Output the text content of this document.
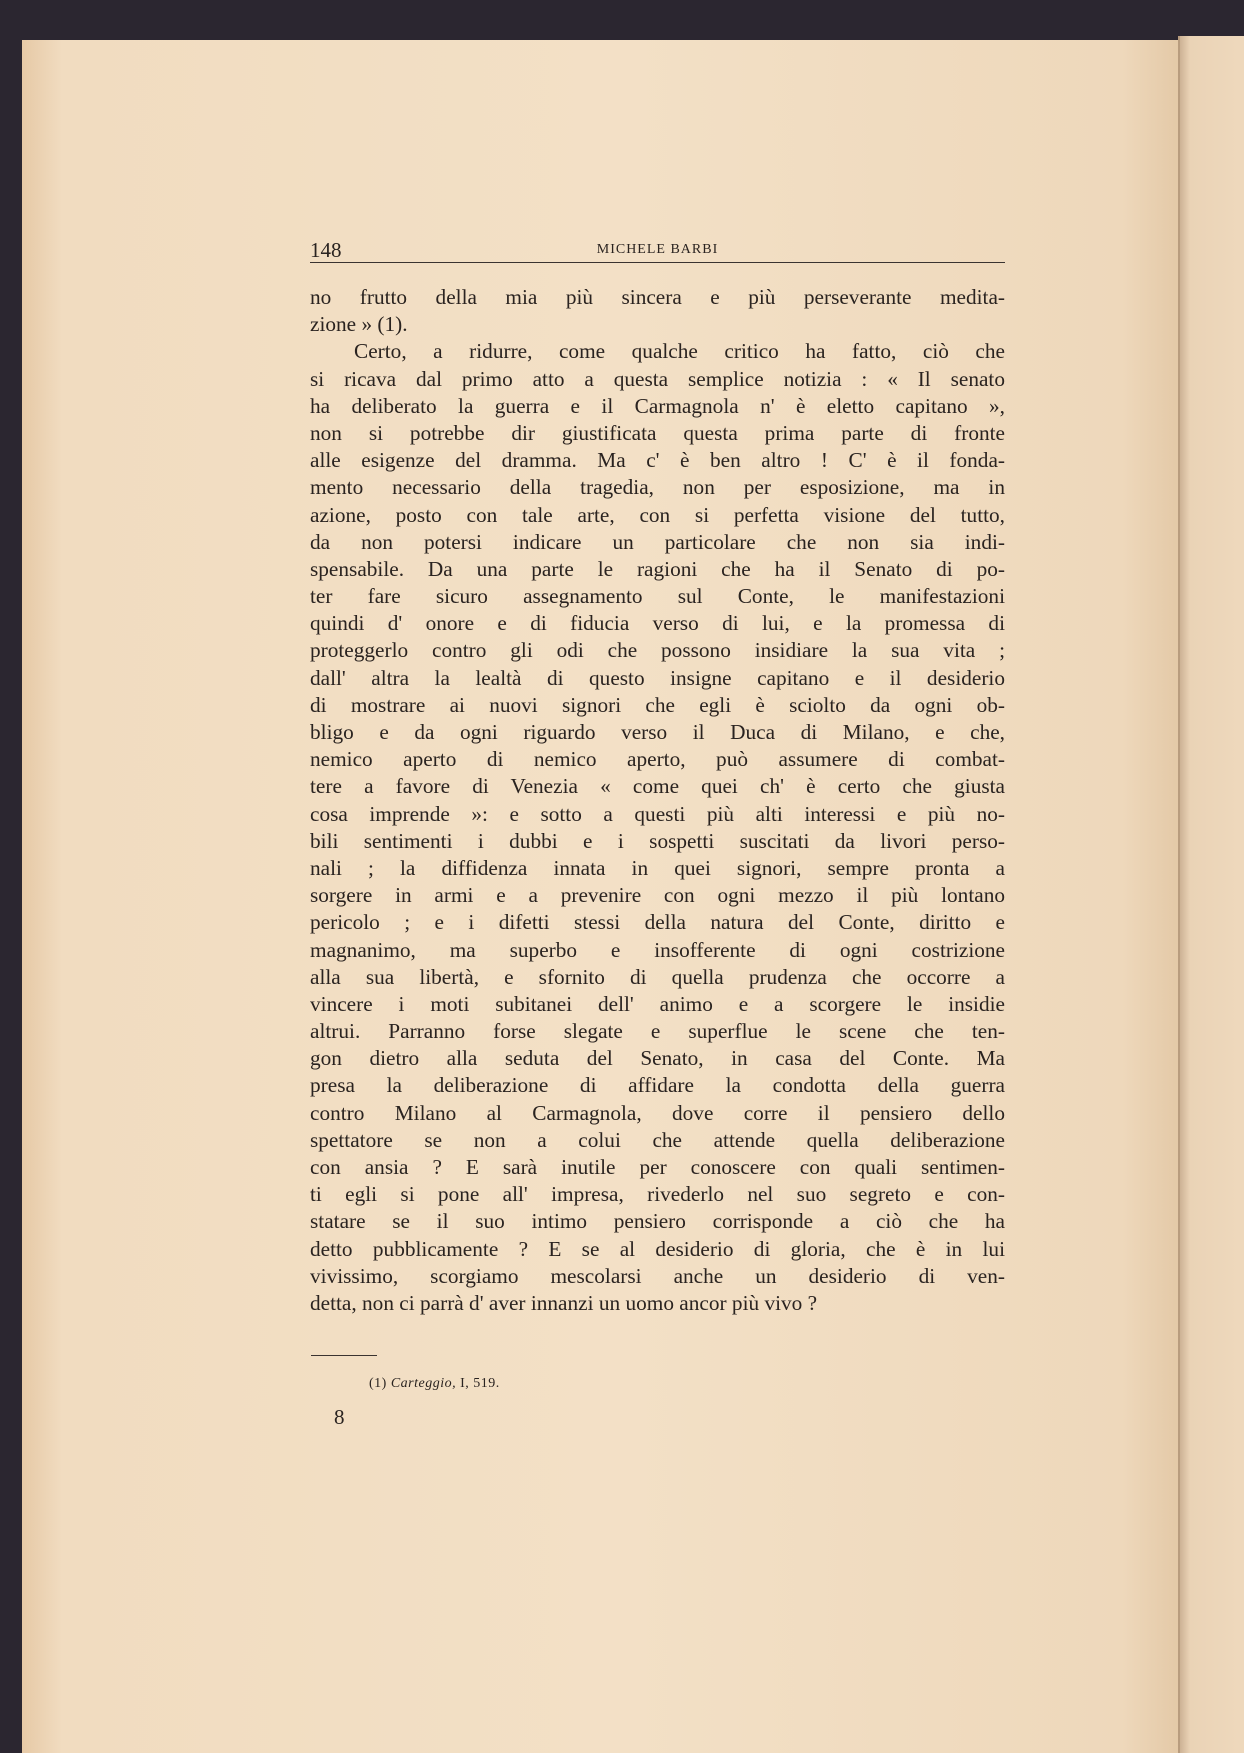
148	MICHELE BARBI
no frutto della mia più sincera e più perseverante medita-
zione » (1).
Certo, a ridurre, come qualche critico ha fatto, ciò che
si ricava dal primo atto a questa semplice notizia : « Il senato
ha deliberato la guerra e il Carmagnola n' è eletto capitano »,
non si potrebbe dir giustificata questa prima parte di fronte
alle esigenze del dramma. Ma c' è ben altro ! C' è il fonda-
mento necessario della tragedia, non per esposizione, ma in
azione, posto con tale arte, con si perfetta visione del tutto,
da non potersi indicare un particolare che non sia indi-
spensabile. Da una parte le ragioni che ha il Senato di po-
ter fare sicuro assegnamento sul Conte, le manifestazioni
quindi d' onore e di fiducia verso di lui, e la promessa di
proteggerlo contro gli odi che possono insidiare la sua vita ;
dall' altra la lealtà di questo insigne capitano e il desiderio
di mostrare ai nuovi signori che egli è sciolto da ogni ob-
bligo e da ogni riguardo verso il Duca di Milano, e che,
nemico aperto di nemico aperto, può assumere di combat-
tere a favore di Venezia « come quei ch' è certo che giusta
cosa imprende »: e sotto a questi più alti interessi e più no-
bili sentimenti i dubbi e i sospetti suscitati da livori perso-
nali ; la diffidenza innata in quei signori, sempre pronta a
sorgere in armi e a prevenire con ogni mezzo il più lontano
pericolo ; e i difetti stessi della natura del Conte, diritto e
magnanimo, ma superbo e insofferente di ogni costrizione
alla sua libertà, e sfornito di quella prudenza che occorre a
vincere i moti subitanei dell' animo e a scorgere le insidie
altrui. Parranno forse slegate e superflue le scene che ten-
gon dietro alla seduta del Senato, in casa del Conte. Ma
presa la deliberazione di affidare la condotta della guerra
contro Milano al Carmagnola, dove corre il pensiero dello
spettatore se non a colui che attende quella deliberazione
con ansia ? E sarà inutile per conoscere con quali sentimen-
ti egli si pone all' impresa, rivederlo nel suo segreto e con-
statare se il suo intimo pensiero corrisponde a ciò che ha
detto pubblicamente ? E se al desiderio di gloria, che è in lui
vivissimo, scorgiamo mescolarsi anche un desiderio di ven-
detta, non ci parrà d' aver innanzi un uomo ancor più vivo ?
(1) Carteggio, I, 519.
8
